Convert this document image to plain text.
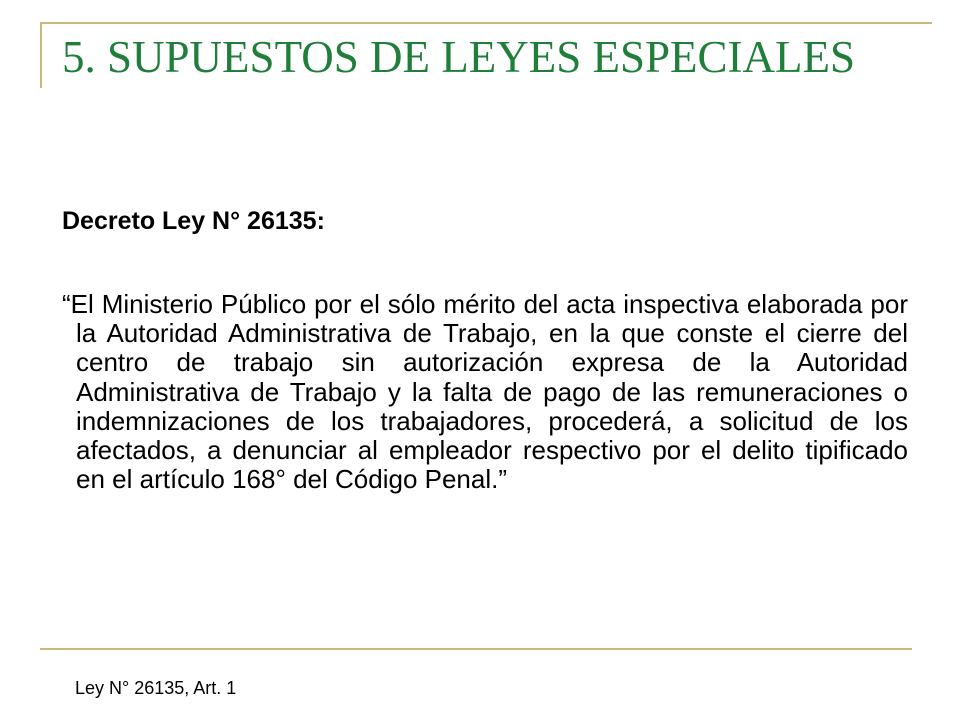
5. SUPUESTOS DE LEYES ESPECIALES

Decreto Ley N° 26135:

“El Ministerio Público por el sólo mérito del acta inspectiva elaborada por la Autoridad Administrativa de Trabajo, en la que conste el cierre del centro de trabajo sin autorización expresa de la Autoridad Administrativa de Trabajo y la falta de pago de las remuneraciones o indemnizaciones de los trabajadores, procederá, a solicitud de los afectados, a denunciar al empleador respectivo por el delito tipificado en el artículo 168° del Código Penal.”

Ley N° 26135, Art. 1
